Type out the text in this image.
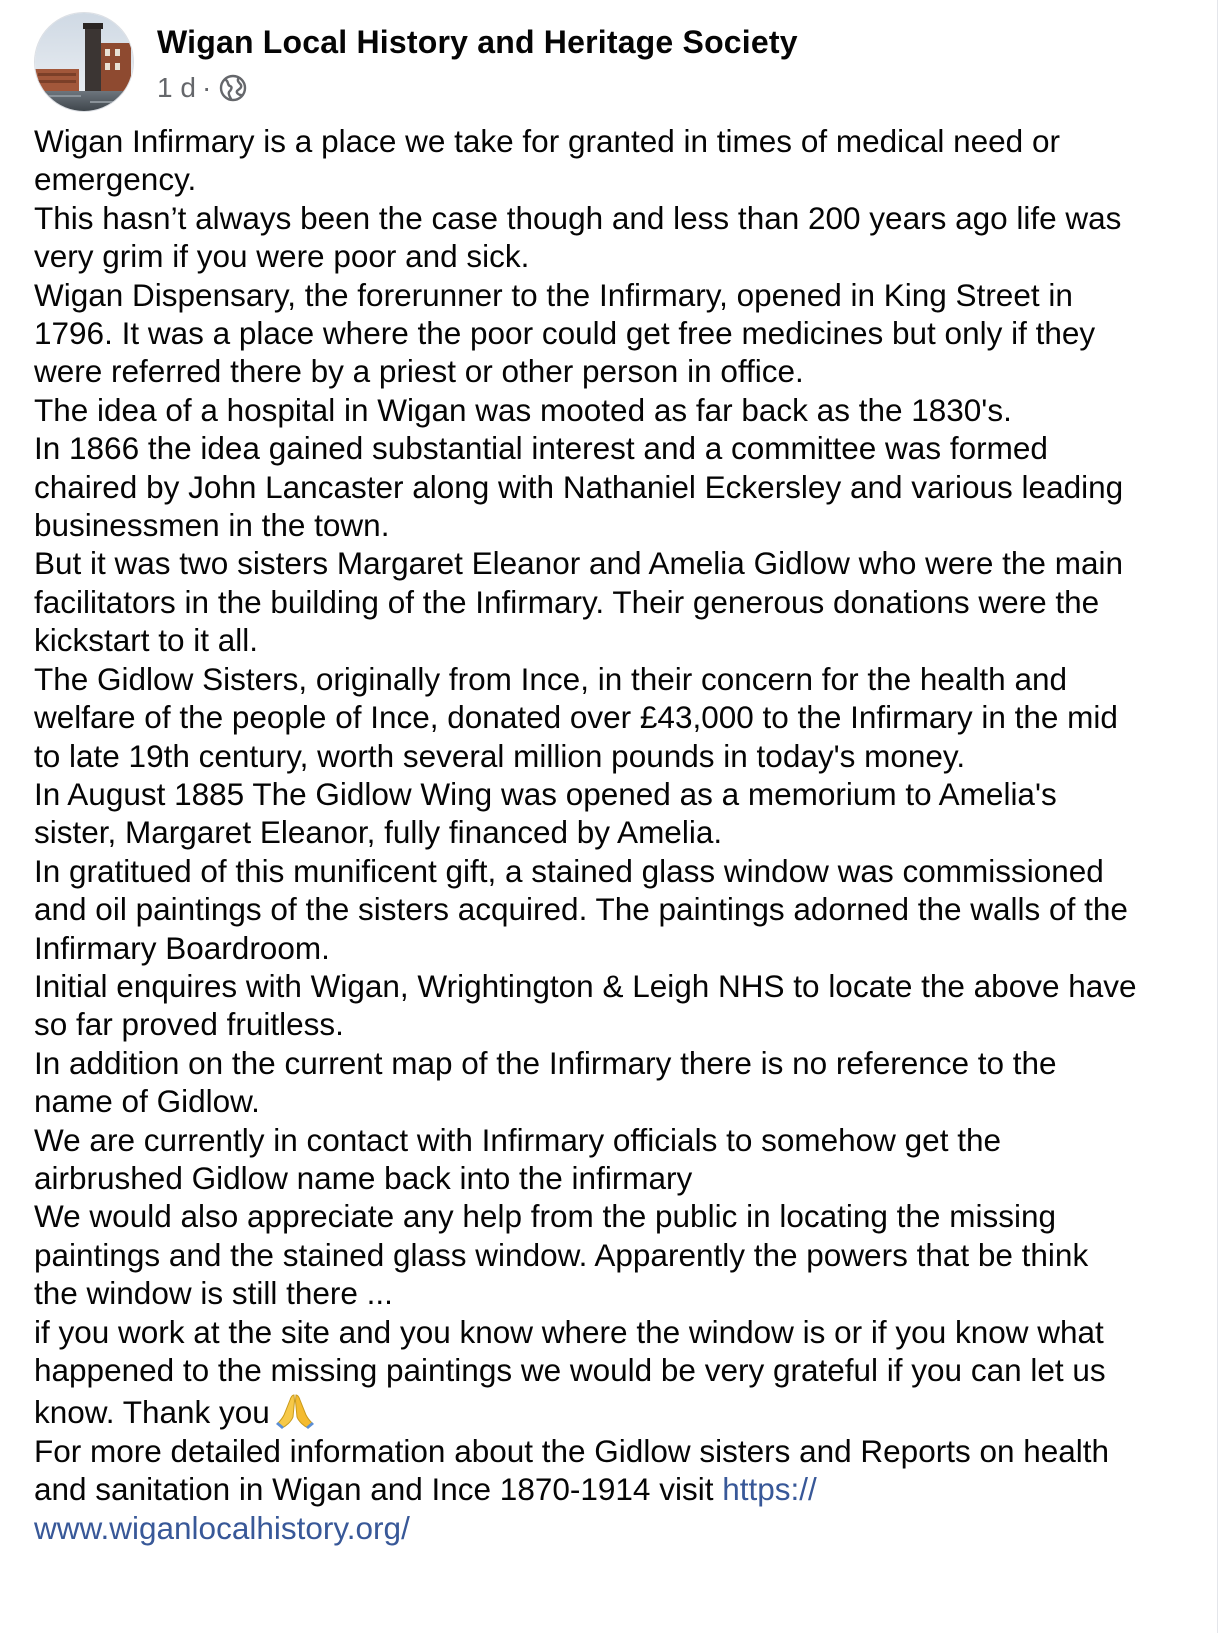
Wigan Local History and Heritage Society
1 d ·

Wigan Infirmary is a place we take for granted in times of medical need or emergency.

This hasn’t always been the case though and less than 200 years ago life was very grim if you were poor and sick.

Wigan Dispensary, the forerunner to the Infirmary, opened in King Street in 1796. It was a place where the poor could get free medicines but only if they were referred there by a priest or other person in office.

The idea of a hospital in Wigan was mooted as far back as the 1830's.

In 1866 the idea gained substantial interest and a committee was formed chaired by John Lancaster along with Nathaniel Eckersley and various leading businessmen in the town.

But it was two sisters Margaret Eleanor and Amelia Gidlow who were the main facilitators in the building of the Infirmary. Their generous donations were the kickstart to it all.

The Gidlow Sisters, originally from Ince, in their concern for the health and welfare of the people of Ince, donated over £43,000 to the Infirmary in the mid to late 19th century, worth several million pounds in today's money.

In August 1885 The Gidlow Wing was opened as a memorium to Amelia's sister, Margaret Eleanor, fully financed by Amelia.

In gratitued of this munificent gift, a stained glass window was commissioned and oil paintings of the sisters acquired. The paintings adorned the walls of the Infirmary Boardroom.

Initial enquires with Wigan, Wrightington & Leigh NHS to locate the above have so far proved fruitless.

In addition on the current map of the Infirmary there is no reference to the name of Gidlow.

We are currently in contact with Infirmary officials to somehow get the airbrushed Gidlow name back into the infirmary

We would also appreciate any help from the public in locating the missing paintings and the stained glass window. Apparently the powers that be think the window is still there ...

if you work at the site and you know where the window is or if you know what happened to the missing paintings we would be very grateful if you can let us know. Thank you

For more detailed information about the Gidlow sisters and Reports on health and sanitation in Wigan and Ince 1870-1914 visit https://​www.wiganlocalhistory.org/
